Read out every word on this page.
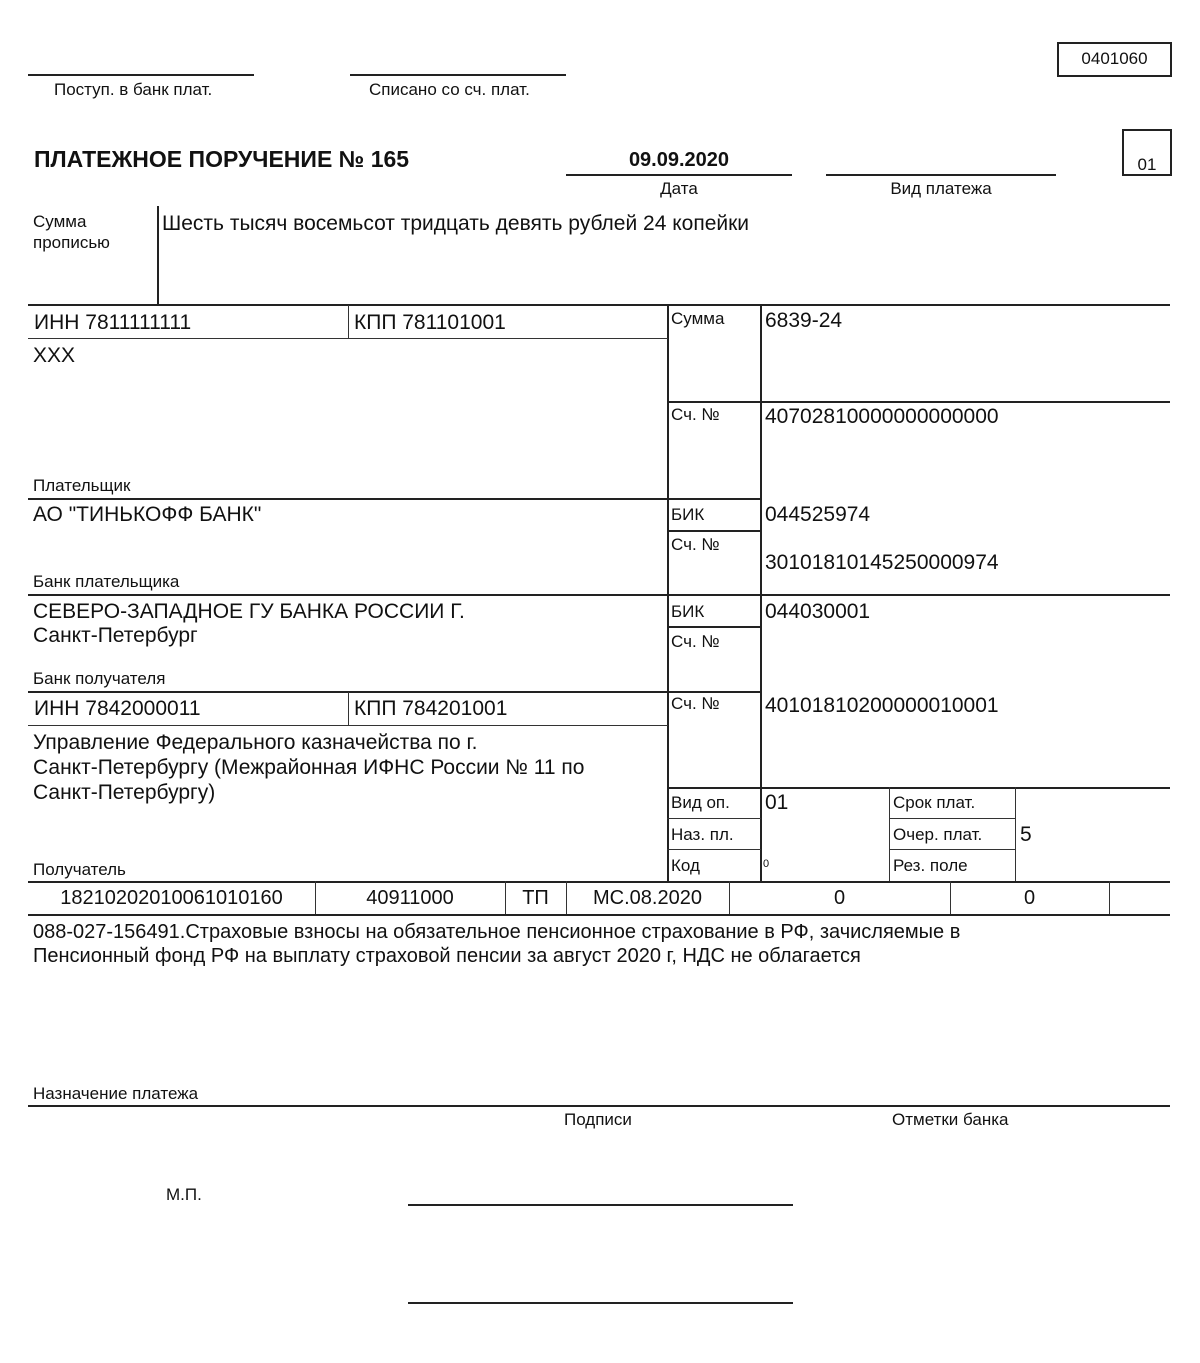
0401060
Поступ. в банк плат.	Списано со сч. плат.
ПЛАТЕЖНОЕ ПОРУЧЕНИЕ № 165	09.09.2020
Дата	Вид платежа
01
Сумма
прописью
Шесть тысяч восемьсот тридцать девять рублей 24 копейки
ИНН 7811111111	КПП 781101001
XXX
Плательщик
Сумма 6839-24
Сч. № 40702810000000000000
АО "ТИНЬКОФФ БАНК"
Банк плательщика
БИК	044525974
Сч. №
30101810145250000974
СЕВЕРО-ЗАПАДНОЕ ГУ БАНКА РОССИИ Г.
Санкт-Петербург
Банк получателя
БИК	044030001
Сч. №
ИНН 7842000011	КПП 784201001	Сч. № 40101810200000010001
Управление Федерального казначейства по г.
Санкт-Петербургу (Межрайонная ИФНС России № 11 по
Санкт-Петербургу)
Получатель
Вид оп. 01
Наз. пл.
Код	0
Срок плат.
Очер. плат. 5
Рез. поле
18210202010061010160	40911000	ТП	МС.08.2020	0	0
088-027-156491.Страховые взносы на обязательное пенсионное страхование в РФ, зачисляемые в
Пенсионный фонд РФ на выплату страховой пенсии за август 2020 г, НДС не облагается
Назначение платежа
Подписи	Отметки банка
М.П.
